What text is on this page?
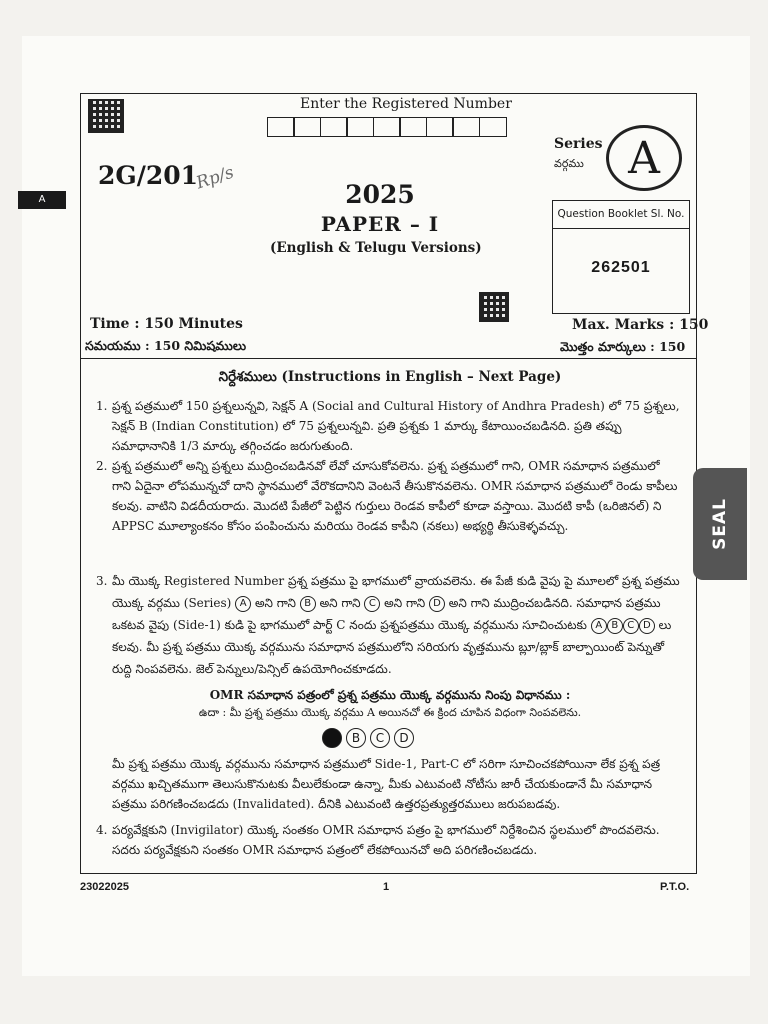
A
Enter the Registered Number
2G/201
Rp/s
2025
PAPER – I
(English & Telugu Versions)
Series
వర్గము	A
Question Booklet Sl. No.
262501
Time : 150 Minutes
సమయము : 150 నిమిషములు
Max. Marks : 150
మొత్తం మార్కులు : 150
నిర్దేశములు (Instructions in English – Next Page)
1. ప్రశ్న పత్రములో 150 ప్రశ్నలున్నవి, సెక్షన్ A (Social and Cultural History of Andhra Pradesh) లో 75 ప్రశ్నలు, సెక్షన్ B (Indian Constitution) లో 75 ప్రశ్నలున్నవి. ప్రతి ప్రశ్నకు 1 మార్కు కేటాయించబడినది. ప్రతి తప్పు సమాధానానికి 1/3 మార్కు తగ్గించడం జరుగుతుంది.
2. ప్రశ్న పత్రములో అన్ని ప్రశ్నలు ముద్రించబడినవో లేవో చూసుకోవలెను. ప్రశ్న పత్రములో గాని, OMR సమాధాన పత్రములో గాని ఏదైనా లోపమున్నచో దాని స్థానములో వేరొకదానిని వెంటనే తీసుకొనవలెను. OMR సమాధాన పత్రములో రెండు కాపీలు కలవు. వాటిని విడదీయరాదు. మొదటి పేజీలో పెట్టిన గుర్తులు రెండవ కాపీలో కూడా వస్తాయి. మొదటి కాపీ (ఒరిజినల్) ని APPSC మూల్యాంకనం కోసం పంపించును మరియు రెండవ కాపీని (నకలు) అభ్యర్థి తీసుకెళ్ళవచ్చు.
3. మీ యొక్క Registered Number ప్రశ్న పత్రము పై భాగములో వ్రాయవలెను. ఈ పేజీ కుడి వైపు పై మూలలో ప్రశ్న పత్రము యొక్క వర్గము (Series) A అని గాని B అని గాని C అని గాని D అని గాని ముద్రించబడినది. సమాధాన పత్రము ఒకటవ వైపు (Side-1) కుడి పై భాగములో పార్ట్ C నందు ప్రశ్నపత్రము యొక్క వర్గమును సూచించుటకు A B C D లు కలవు. మీ ప్రశ్న పత్రము యొక్క వర్గమును సమాధాన పత్రములోని సరియగు వృత్తమును బ్లూ/బ్లాక్ బాల్పాయింట్ పెన్నుతో రుద్ది నింపవలెను. జెల్ పెన్నులు/పెన్సిల్ ఉపయోగించకూడదు.
OMR సమాధాన పత్రంలో ప్రశ్న పత్రము యొక్క వర్గమును నింపు విధానము :
ఉదా : మీ ప్రశ్న పత్రము యొక్క వర్గము A అయినచో ఈ క్రింద చూపిన విధంగా నింపవలెను.
B	C	D
మీ ప్రశ్న పత్రము యొక్క వర్గమును సమాధాన పత్రములో Side-1, Part-C లో సరిగా సూచించకపోయినా లేక ప్రశ్న పత్ర వర్గము ఖచ్చితముగా తెలుసుకొనుటకు వీలులేకుండా ఉన్నా, మీకు ఎటువంటి నోటీసు జారీ చేయకుండానే మీ సమాధాన పత్రము పరిగణించబడదు (Invalidated). దీనికి ఎటువంటి ఉత్తరప్రత్యుత్తరములు జరుపబడవు.
4. పర్యవేక్షకుని (Invigilator) యొక్క సంతకం OMR సమాధాన పత్రం పై భాగములో నిర్దేశించిన స్థలములో పొందవలెను. సదరు పర్యవేక్షకుని సంతకం OMR సమాధాన పత్రంలో లేకపోయినచో అది పరిగణించబడదు.
SEAL
23022025	1	P.T.O.
